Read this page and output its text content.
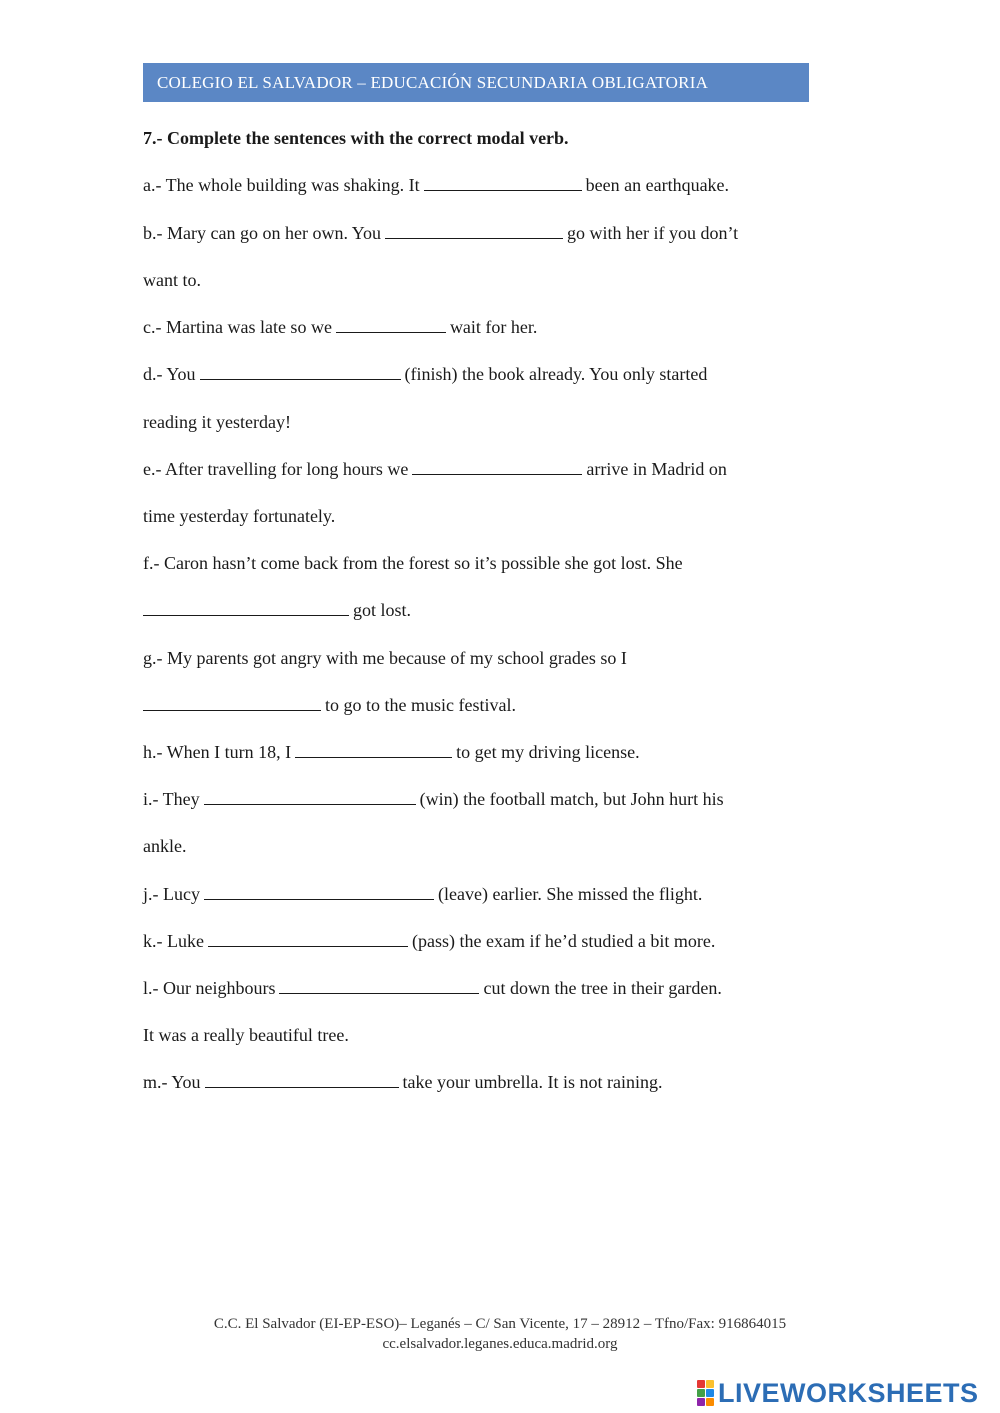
COLEGIO EL SALVADOR – EDUCACIÓN SECUNDARIA OBLIGATORIA
7.- Complete the sentences with the correct modal verb.
a.- The whole building was shaking. It	been an earthquake.
b.- Mary can go on her own. You	go with her if you don’t
want to.
c.- Martina was late so we	wait for her.
d.- You	(finish) the book already. You only started
reading it yesterday!
e.- After travelling for long hours we	arrive in Madrid on
time yesterday fortunately.
f.- Caron hasn’t come back from the forest so it’s possible she got lost. She
got lost.
g.- My parents got angry with me because of my school grades so I
to go to the music festival.
h.- When I turn 18, I	to get my driving license.
i.- They	(win) the football match, but John hurt his
ankle.
j.- Lucy	(leave) earlier. She missed the flight.
k.- Luke	(pass) the exam if he’d studied a bit more.
l.- Our neighbours	cut down the tree in their garden.
It was a really beautiful tree.
m.- You	take your umbrella. It is not raining.
C.C. El Salvador (EI-EP-ESO)– Leganés – C/ San Vicente, 17 – 28912 – Tfno/Fax: 916864015
cc.elsalvador.leganes.educa.madrid.org
LIVEWORKSHEETS
